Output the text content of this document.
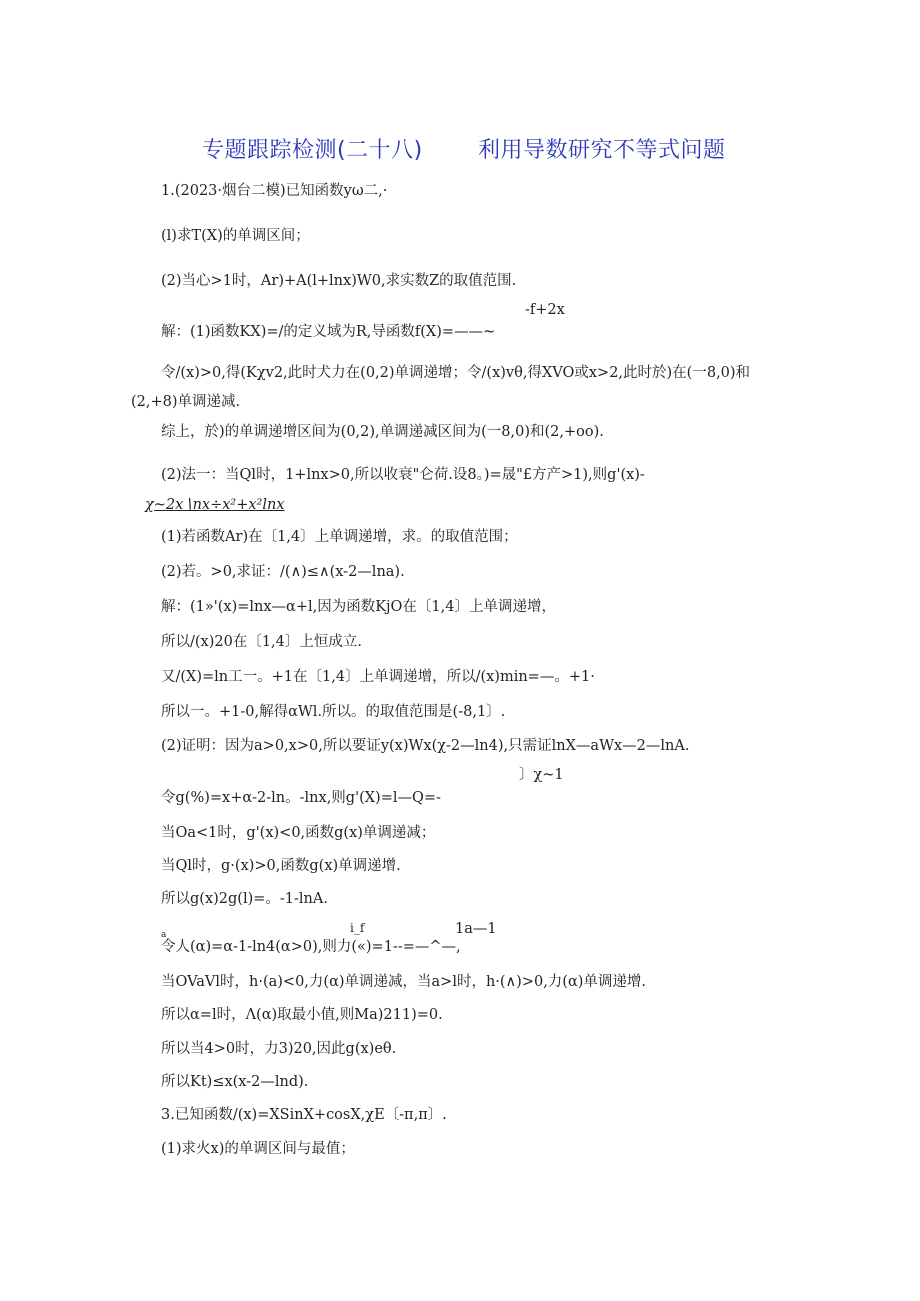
专题跟踪检测(二十八)	利用导数研究不等式问题
1.(2023·烟台二模)已知函数yω二,·
(l)求T(X)的单调区间；
(2)当心>1时，Ar)+A(l+lnx)W0,求实数Z的取值范围.
-f+2x
解：(1)函数KX)=/的定义域为R,导函数f(X)=——~
令/(x)>0,得(Kχv2,此时犬力在(0,2)单调递增；令/(x)vθ,得XVO或x>2,此时於)在(一8,0)和
(2,+8)单调递减.
综上，於)的单调递增区间为(0,2),单调递减区间为(一8,0)和(2,+oo).
(2)法一：当Ql时，1+lnx>0,所以收衰"仑荷.设8。)=晟"£方产>1),则g'(x)-
χ~2x∖nx÷x²+x²lnx
(1)若函数Ar)在〔1,4〕上单调递增，求。的取值范围；
(2)若。>0,求证：/(∧)≤∧(x-2—lna).
解：(1»'(x)=lnx—α+l,因为函数KjO在〔1,4〕上单调递增，
所以/(x)20在〔1,4〕上恒成立.
又/(X)=ln工一。+1在〔1,4〕上单调递增，所以/(x)min=—。+1·
所以一。+1-0,解得αWl.所以。的取值范围是(-8,1〕.
(2)证明：因为a>0,x>0,所以要证y(x)Wx(χ-2—ln4),只需证lnX—aWx—2—lnA.
〕χ~1
令g(%)=x+α-2-ln。-lnx,则g'(X)=l—Q=-
当Oa<1时，g'(x)<0,函数g(x)单调递减；
当Ql时，g·(x)>0,函数g(x)单调递增.
所以g(x)2g(l)=。-1-lnA.
a	i_f	1a—1
令人(α)=α-1-ln4(α>0),则力(«)=1--=—^—,
当OVaVl时，h·(a)<0,力(α)单调递减，当a>l时，h·(∧)>0,力(α)单调递增.
所以α=l时，Λ(α)取最小值,则Ma)211)=0.
所以当4>0时，力3)20,因此g(x)eθ.
所以Kt)≤x(x-2—lnd).
3.已知函数/(x)=XSinX+cosX,χE〔-π,π〕.
(1)求火x)的单调区间与最值；
